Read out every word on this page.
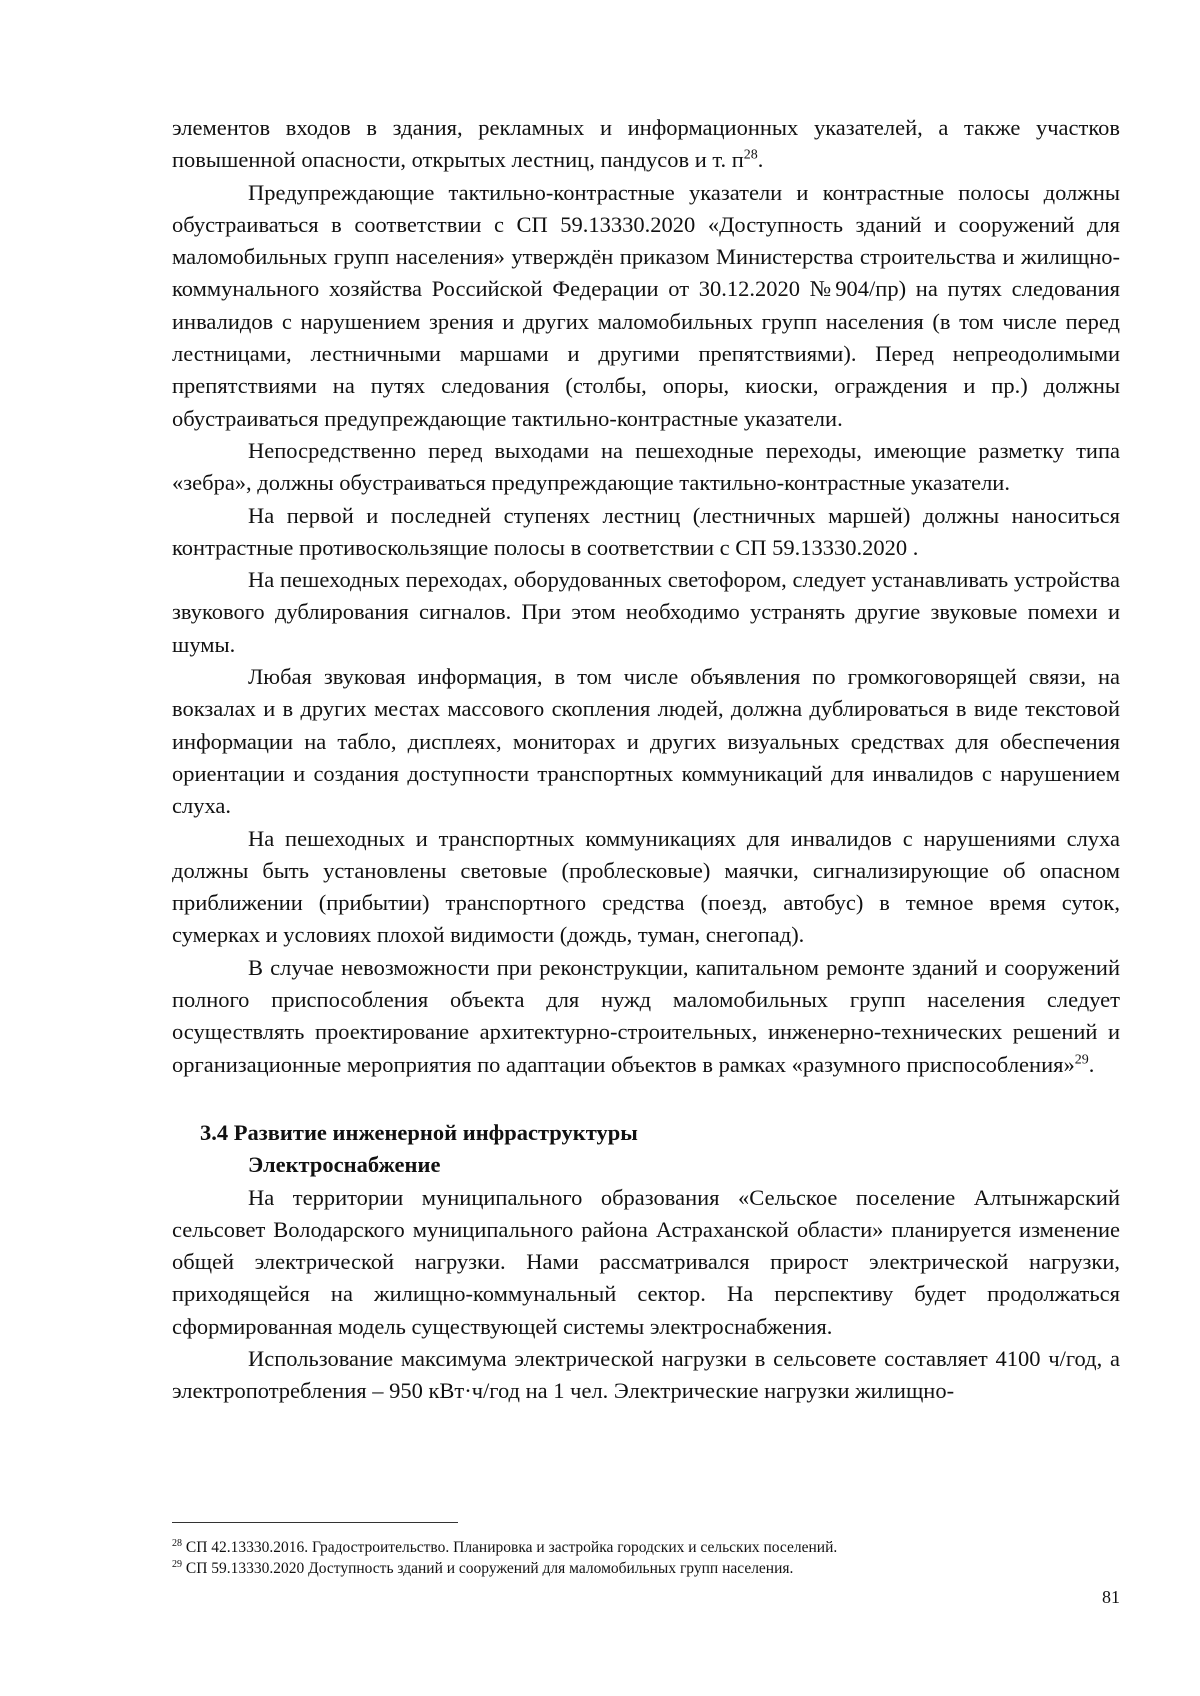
элементов входов в здания, рекламных и информационных указателей, а также участков повышенной опасности, открытых лестниц, пандусов и т. $п^{28}$.

Предупреждающие тактильно-контрастные указатели и контрастные полосы должны обустраиваться в соответствии с СП 59.13330.2020 «Доступность зданий и сооружений для маломобильных групп населения» утверждён приказом Министерства строительства и жилищно-коммунального хозяйства Российской Федерации от 30.12.2020 №904/пр) на путях следования инвалидов с нарушением зрения и других маломобильных групп населения (в том числе перед лестницами, лестничными маршами и другими препятствиями). Перед непреодолимыми препятствиями на путях следования (столбы, опоры, киоски, ограждения и пр.) должны обустраиваться предупреждающие тактильно-контрастные указатели.

Непосредственно перед выходами на пешеходные переходы, имеющие разметку типа «зебра», должны обустраиваться предупреждающие тактильно-контрастные указатели.

На первой и последней ступенях лестниц (лестничных маршей) должны наноситься контрастные противоскользящие полосы в соответствии с СП 59.13330.2020 .

На пешеходных переходах, оборудованных светофором, следует устанавливать устройства звукового дублирования сигналов. При этом необходимо устранять другие звуковые помехи и шумы.

Любая звуковая информация, в том числе объявления по громкоговорящей связи, на вокзалах и в других местах массового скопления людей, должна дублироваться в виде текстовой информации на табло, дисплеях, мониторах и других визуальных средствах для обеспечения ориентации и создания доступности транспортных коммуникаций для инвалидов с нарушением слуха.

На пешеходных и транспортных коммуникациях для инвалидов с нарушениями слуха должны быть установлены световые (проблесковые) маячки, сигнализирующие об опасном приближении (прибытии) транспортного средства (поезд, автобус) в темное время суток, сумерках и условиях плохой видимости (дождь, туман, снегопад).

В случае невозможности при реконструкции, капитальном ремонте зданий и сооружений полного приспособления объекта для нужд маломобильных групп населения следует осуществлять проектирование архитектурно-строительных, инженерно-технических решений и организационные мероприятия по адаптации объектов в рамках «разумного приспособления»$^{29}$.

3.4 Развитие инженерной инфраструктуры
Электроснабжение

На территории муниципального образования «Сельское поселение Алтынжарский сельсовет Володарского муниципального района Астраханской области» планируется изменение общей электрической нагрузки. Нами рассматривался прирост электрической нагрузки, приходящейся на жилищно-коммунальный сектор. На перспективу будет продолжаться сформированная модель существующей системы электроснабжения.

Использование максимума электрической нагрузки в сельсовете составляет 4100 ч/год, а электропотребления – 950 кВт·ч/год на 1 чел. Электрические нагрузки жилищно-

$^{28}$ СП 42.13330.2016. Градостроительство. Планировка и застройка городских и сельских поселений.

$^{29}$ СП 59.13330.2020 Доступность зданий и сооружений для маломобильных групп населения.

81
